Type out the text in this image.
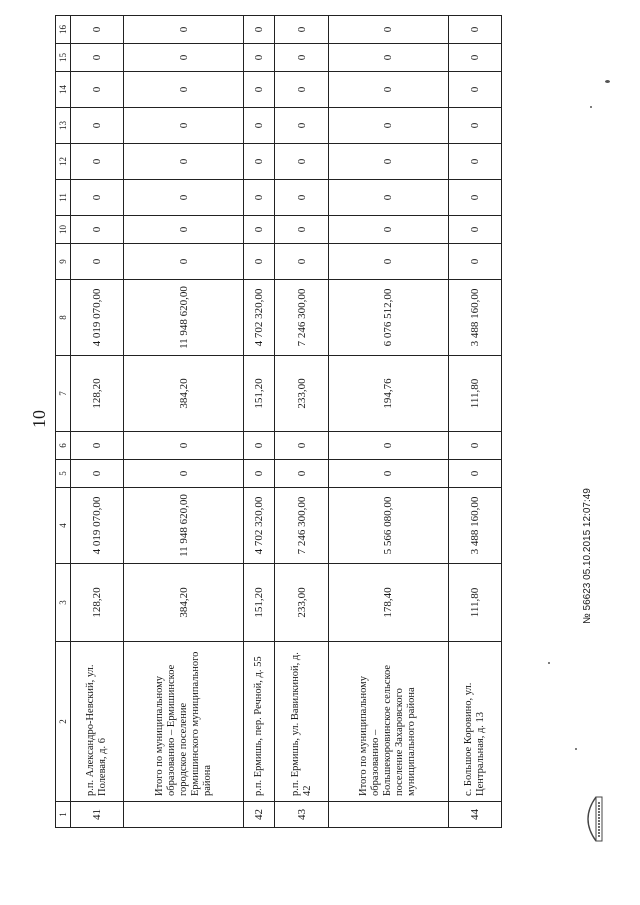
10
1	2	3	4	5	6	7	8	9	10	11	12	13	14	15	16
41	р.п. Александро-Невский, ул. Полевая, д. 6	128,20	4 019 070,00	0	0	128,20	4 019 070,00	0	0	0	0	0	0	0	0
	Итого по муниципальному образованию – Ермишинское городское поселение Ермишинского муниципального района	384,20	11 948 620,00	0	0	384,20	11 948 620,00	0	0	0	0	0	0	0	0
42	р.п. Ермишь, пер. Речной, д. 55	151,20	4 702 320,00	0	0	151,20	4 702 320,00	0	0	0	0	0	0	0	0
43	р.п. Ермишь, ул. Вавилкиной, д. 42	233,00	7 246 300,00	0	0	233,00	7 246 300,00	0	0	0	0	0	0	0	0
	Итого по муниципальному образованию – Большекоровинское сельское поселение Захаровского муниципального района	178,40	5 566 080,00	0	0	194,76	6 076 512,00	0	0	0	0	0	0	0	0
44	с. Большое Коровино, ул. Центральная, д. 13	111,80	3 488 160,00	0	0	111,80	3 488 160,00	0	0	0	0	0	0	0	0
№ 56623 05.10.2015 12:07:49
